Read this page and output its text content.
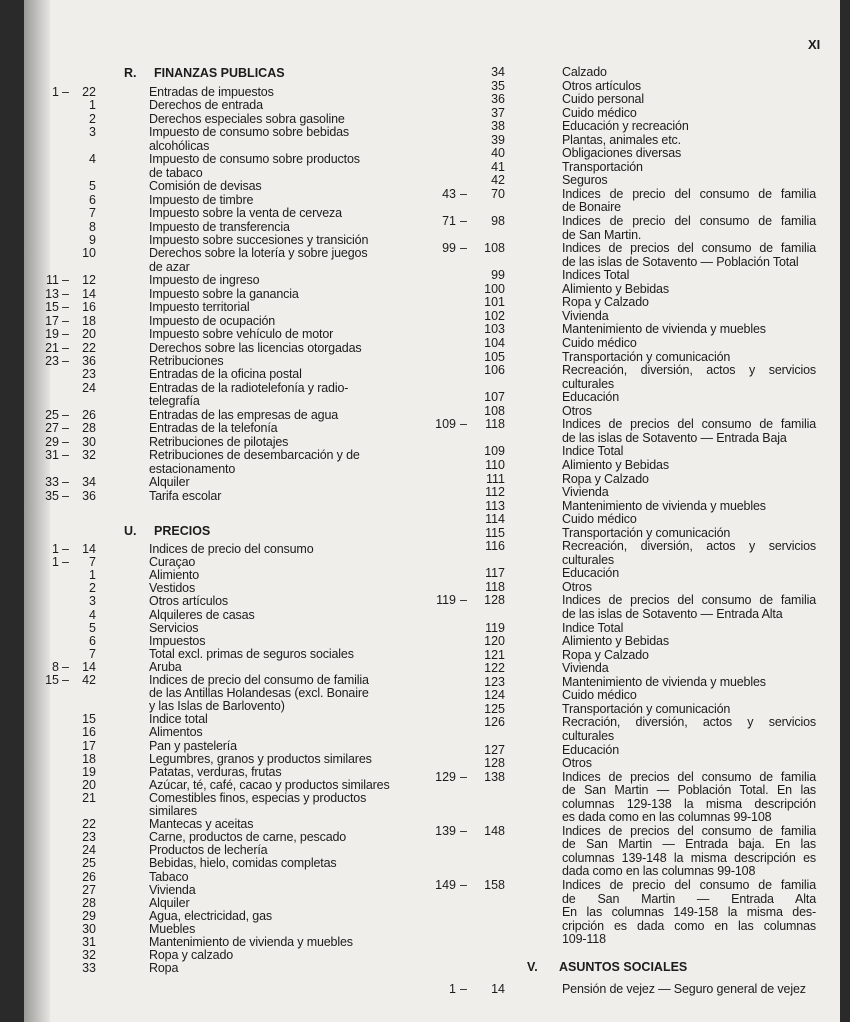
XI
R. FINANZAS PUBLICAS
1 – 22	Entradas de impuestos
1	Derechos de entrada
2	Derechos especiales sobra gasoline
3	Impuesto de consumo sobre bebidas
alcohólicas
4	Impuesto de consumo sobre productos
de tabaco
5	Comisión de devisas
6	Impuesto de timbre
7	Impuesto sobre la venta de cerveza
8	Impuesto de transferencia
9	Impuesto sobre succesiones y transición
10	Derechos sobre la lotería y sobre juegos
de azar
11 – 12	Impuesto de ingreso
13 – 14	Impuesto sobre la ganancia
15 – 16	Impuesto territorial
17 – 18	Impuesto de ocupación
19 – 20	Impuesto sobre vehículo de motor
21 – 22	Derechos sobre las licencias otorgadas
23 – 36	Retribuciones
23	Entradas de la oficina postal
24	Entradas de la radiotelefonía y radio-
telegrafía
25 – 26	Entradas de las empresas de agua
27 – 28	Entradas de la telefonía
29 – 30	Retribuciones de pilotajes
31 – 32	Retribuciones de desembarcación y de
estacionamento
33 – 34	Alquiler
35 – 36	Tarifa escolar
U. PRECIOS
1 – 14	Indices de precio del consumo
1 – 7	Curaçao
1	Alimiento
2	Vestidos
3	Otros artículos
4	Alquileres de casas
5	Servicios
6	Impuestos
7	Total excl. primas de seguros sociales
8 – 14	Aruba
15 – 42	Indices de precio del consumo de familia
de las Antillas Holandesas (excl. Bonaire
y las Islas de Barlovento)
15	Indice total
16	Alimentos
17	Pan y pastelería
18	Legumbres, granos y productos similares
19	Patatas, verduras, frutas
20	Azúcar, té, café, cacao y productos similares
21	Comestibles finos, especias y productos
similares
22	Mantecas y aceitas
23	Carne, productos de carne, pescado
24	Productos de lechería
25	Bebidas, hielo, comidas completas
26	Tabaco
27	Vivienda
28	Alquiler
29	Agua, electricidad, gas
30	Muebles
31	Mantenimiento de vivienda y muebles
32	Ropa y calzado
33	Ropa
34	Calzado
35	Otros artículos
36	Cuido personal
37	Cuido médico
38	Educación y recreación
39	Plantas, animales etc.
40	Obligaciones diversas
41	Transportación
42	Seguros
43 – 70	Indices de precio del consumo de familia
de Bonaire
71 – 98	Indices de precio del consumo de familia
de San Martin.
99 – 108	Indices de precios del consumo de familia
de las islas de Sotavento — Población Total
99	Indices Total
100	Alimiento y Bebidas
101	Ropa y Calzado
102	Vivienda
103	Mantenimiento de vivienda y muebles
104	Cuido médico
105	Transportación y comunicación
106	Recreación, diversión, actos y servicios
culturales
107	Educación
108	Otros
109 – 118	Indices de precios del consumo de familia
de las islas de Sotavento — Entrada Baja
109	Indice Total
110	Alimiento y Bebidas
111	Ropa y Calzado
112	Vivienda
113	Mantenimiento de vivienda y muebles
114	Cuido médico
115	Transportación y comunicación
116	Recreación, diversión, actos y servicios
culturales
117	Educación
118	Otros
119 – 128	Indices de precios del consumo de familia
de las islas de Sotavento — Entrada Alta
119	Indice Total
120	Alimiento y Bebidas
121	Ropa y Calzado
122	Vivienda
123	Mantenimiento de vivienda y muebles
124	Cuido médico
125	Transportación y comunicación
126	Recración, diversión, actos y servicios
culturales
127	Educación
128	Otros
129 – 138	Indices de precios del consumo de familia
de San Martin — Población Total. En las
columnas 129-138 la misma descripción
es dada como en las columnas 99-108
139 – 148	Indices de precios del consumo de familia
de San Martin — Entrada baja. En las
columnas 139-148 la misma descripción es
dada como en las columnas 99-108
149 – 158	Indices de precio del consumo de familia
de San Martin — Entrada Alta
En las columnas 149-158 la misma des-
cripción es dada como en las columnas
109-118
V. ASUNTOS SOCIALES
1 – 14	Pensión de vejez — Seguro general de vejez
